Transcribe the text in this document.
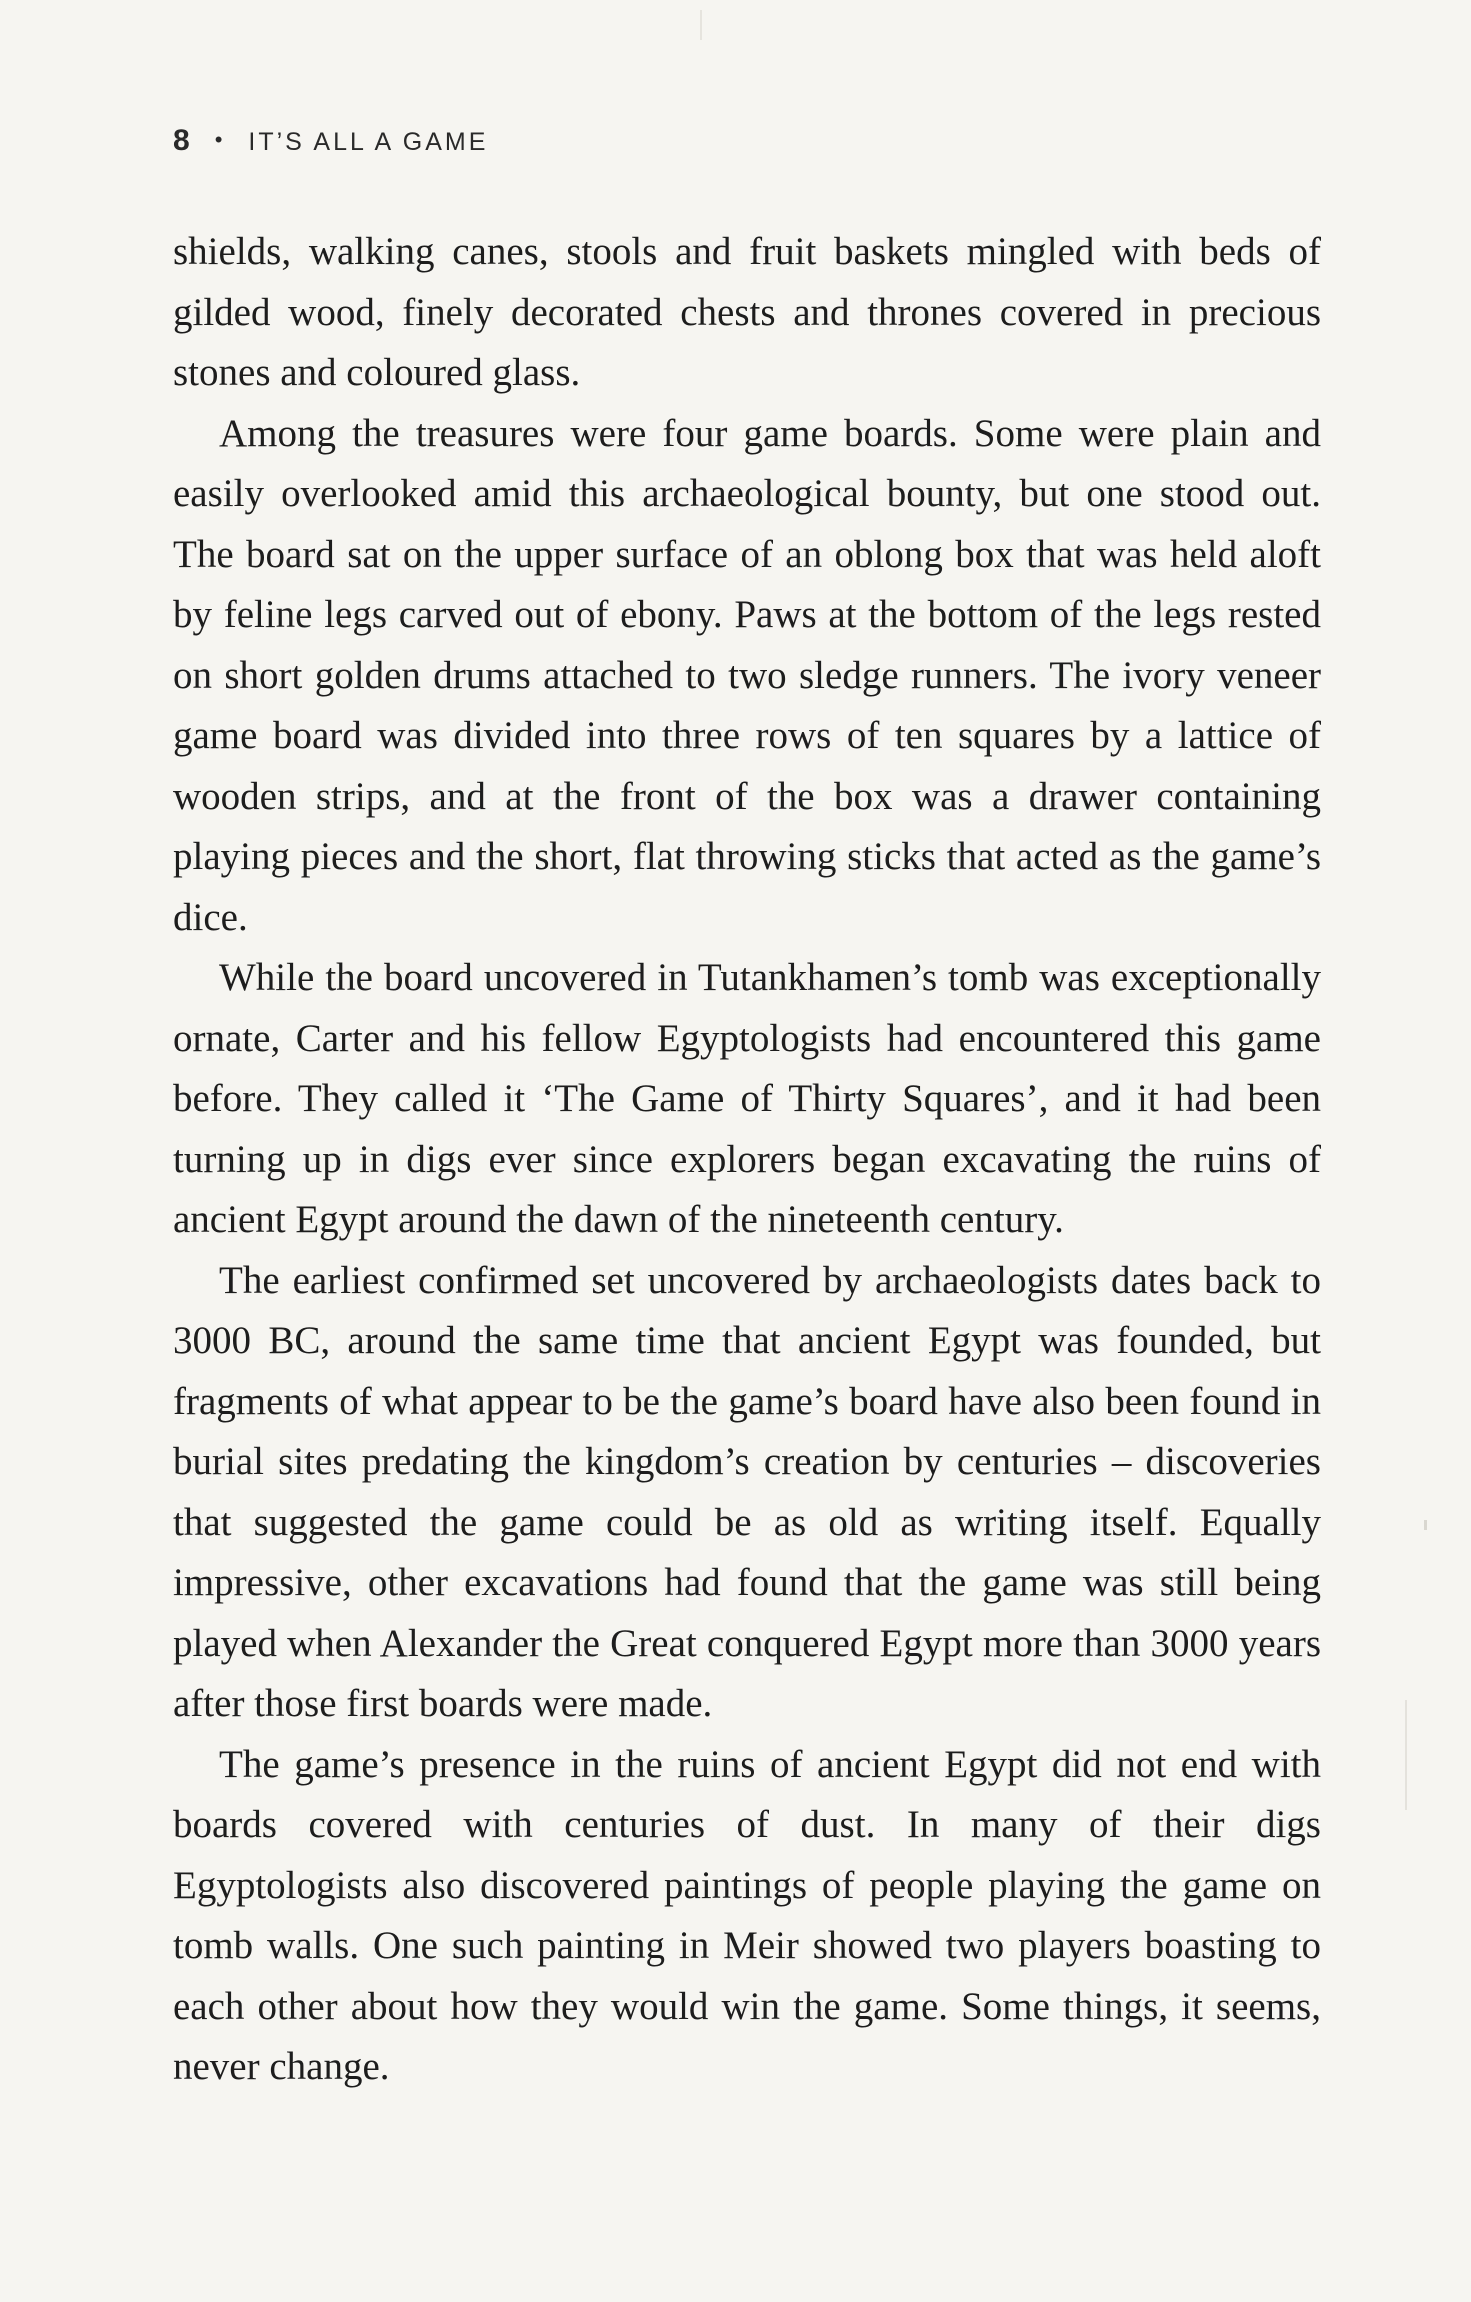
8 • IT’S ALL A GAME

shields, walking canes, stools and fruit baskets mingled with beds of gilded wood, finely decorated chests and thrones covered in precious stones and coloured glass.

Among the treasures were four game boards. Some were plain and easily overlooked amid this archaeological bounty, but one stood out. The board sat on the upper surface of an oblong box that was held aloft by feline legs carved out of ebony. Paws at the bottom of the legs rested on short golden drums attached to two sledge runners. The ivory veneer game board was divided into three rows of ten squares by a lattice of wooden strips, and at the front of the box was a drawer containing playing pieces and the short, flat throwing sticks that acted as the game’s dice.

While the board uncovered in Tutankhamen’s tomb was exceptionally ornate, Carter and his fellow Egyptologists had encountered this game before. They called it ‘The Game of Thirty Squares’, and it had been turning up in digs ever since explorers began excavating the ruins of ancient Egypt around the dawn of the nineteenth century.

The earliest confirmed set uncovered by archaeologists dates back to 3000 BC, around the same time that ancient Egypt was founded, but fragments of what appear to be the game’s board have also been found in burial sites predating the kingdom’s creation by centuries – discoveries that suggested the game could be as old as writing itself. Equally impressive, other excavations had found that the game was still being played when Alexander the Great conquered Egypt more than 3000 years after those first boards were made.

The game’s presence in the ruins of ancient Egypt did not end with boards covered with centuries of dust. In many of their digs Egyptologists also discovered paintings of people playing the game on tomb walls. One such painting in Meir showed two players boasting to each other about how they would win the game. Some things, it seems, never change.
